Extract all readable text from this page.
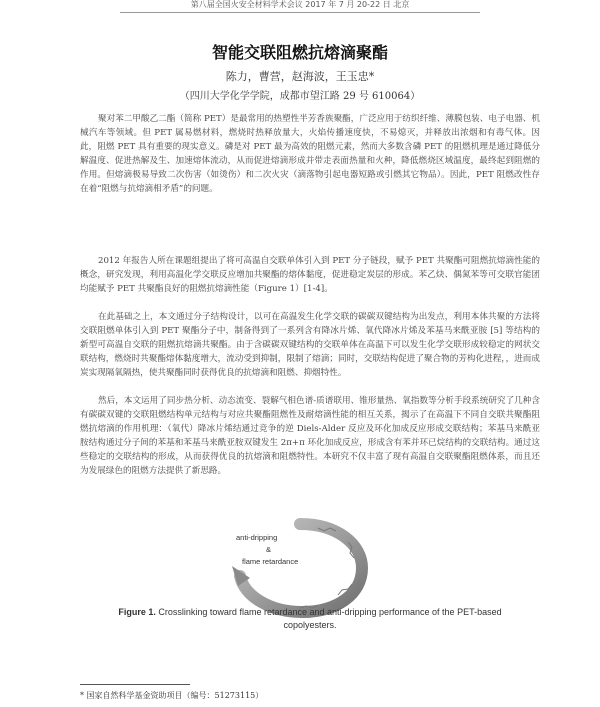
第八届全国火安全材料学术会议 2017 年 7 月 20-22 日 北京
智能交联阻燃抗熔滴聚酯
陈力，曹营，赵海波，王玉忠*
（四川大学化学学院，成都市望江路 29 号 610064）

聚对苯二甲酸乙二酯（简称 PET）是最常用的热塑性半芳香族聚酯，广泛应用于纺织纤维、薄膜包装、电子电器、机械汽车等领域。但 PET 属易燃材料，燃烧时热释放量大，火焰传播速度快，不易熄灭，并释放出浓烟和有毒气体。因此，阻燃 PET 具有重要的现实意义。磷是对 PET 最为高效的阻燃元素，然而大多数含磷 PET 的阻燃机理是通过降低分解温度、促进热解及生、加速熔体流动，从而促进熔滴形成并带走表面热量和火种，降低燃烧区域温度，最终起到阻燃的作用。但熔滴极易导致二次伤害（如烫伤）和二次火灾（滴落物引起电器短路或引燃其它物品）。因此，PET 阻燃改性存在着“阻燃与抗熔滴相矛盾”的问题。

2012 年报告人所在课题组提出了将可高温自交联单体引入到 PET 分子链段，赋予 PET 共聚酯可阻燃抗熔滴性能的概念，研究发现，利用高温化学交联反应增加共聚酯的熔体黏度，促进稳定炭层的形成。苯乙炔、偶氮苯等可交联官能团均能赋予 PET 共聚酯良好的阻燃抗熔滴性能（Figure 1）[1-4]。

在此基础之上，本文通过分子结构设计，以可在高温发生化学交联的碳碳双键结构为出发点，利用本体共聚的方法将交联阻燃单体引入到 PET 聚酯分子中，制备得到了一系列含有降冰片烯、氧代降冰片烯及苯基马来酰亚胺 [5] 等结构的新型可高温自交联的阻燃抗熔滴共聚酯。由于含碳碳双键结构的交联单体在高温下可以发生化学交联形成较稳定的网状交联结构，燃烧时共聚酯熔体黏度增大，流动受到抑制，限制了熔滴；同时，交联结构促进了聚合物的芳构化进程，，进而成炭实现隔氧隔热，使共聚酯同时获得优良的抗熔滴和阻燃、抑烟特性。

然后，本文运用了同步热分析、动态流变、裂解气相色谱-质谱联用、锥形量热、氧指数等分析手段系统研究了几种含有碳碳双键的交联阻燃结构单元结构与对应共聚酯阻燃性及耐熔滴性能的相互关系，揭示了在高温下不同自交联共聚酯阻燃抗熔滴的作用机理：（氧代）降冰片烯结通过竞争的逆 Diels-Alder 反应及环化加成反应形成交联结构；苯基马来酰亚胺结构通过分子间的苯基和苯基马来酰亚胺双键发生 2π+π 环化加成反应，形成含有苯并环已烷结构的交联结构。通过这些稳定的交联结构的形成，从而获得优良的抗熔滴和阻燃特性。本研究不仅丰富了现有高温自交联聚酯阻燃体系，而且还为发展绿色的阻燃方法提供了新思路。

anti-dripping
&
flame retardance
Figure 1. Crosslinking toward flame retardance and anti-dripping performance of the PET-based copolyesters.
* 国家自然科学基金资助项目（编号：51273115）
